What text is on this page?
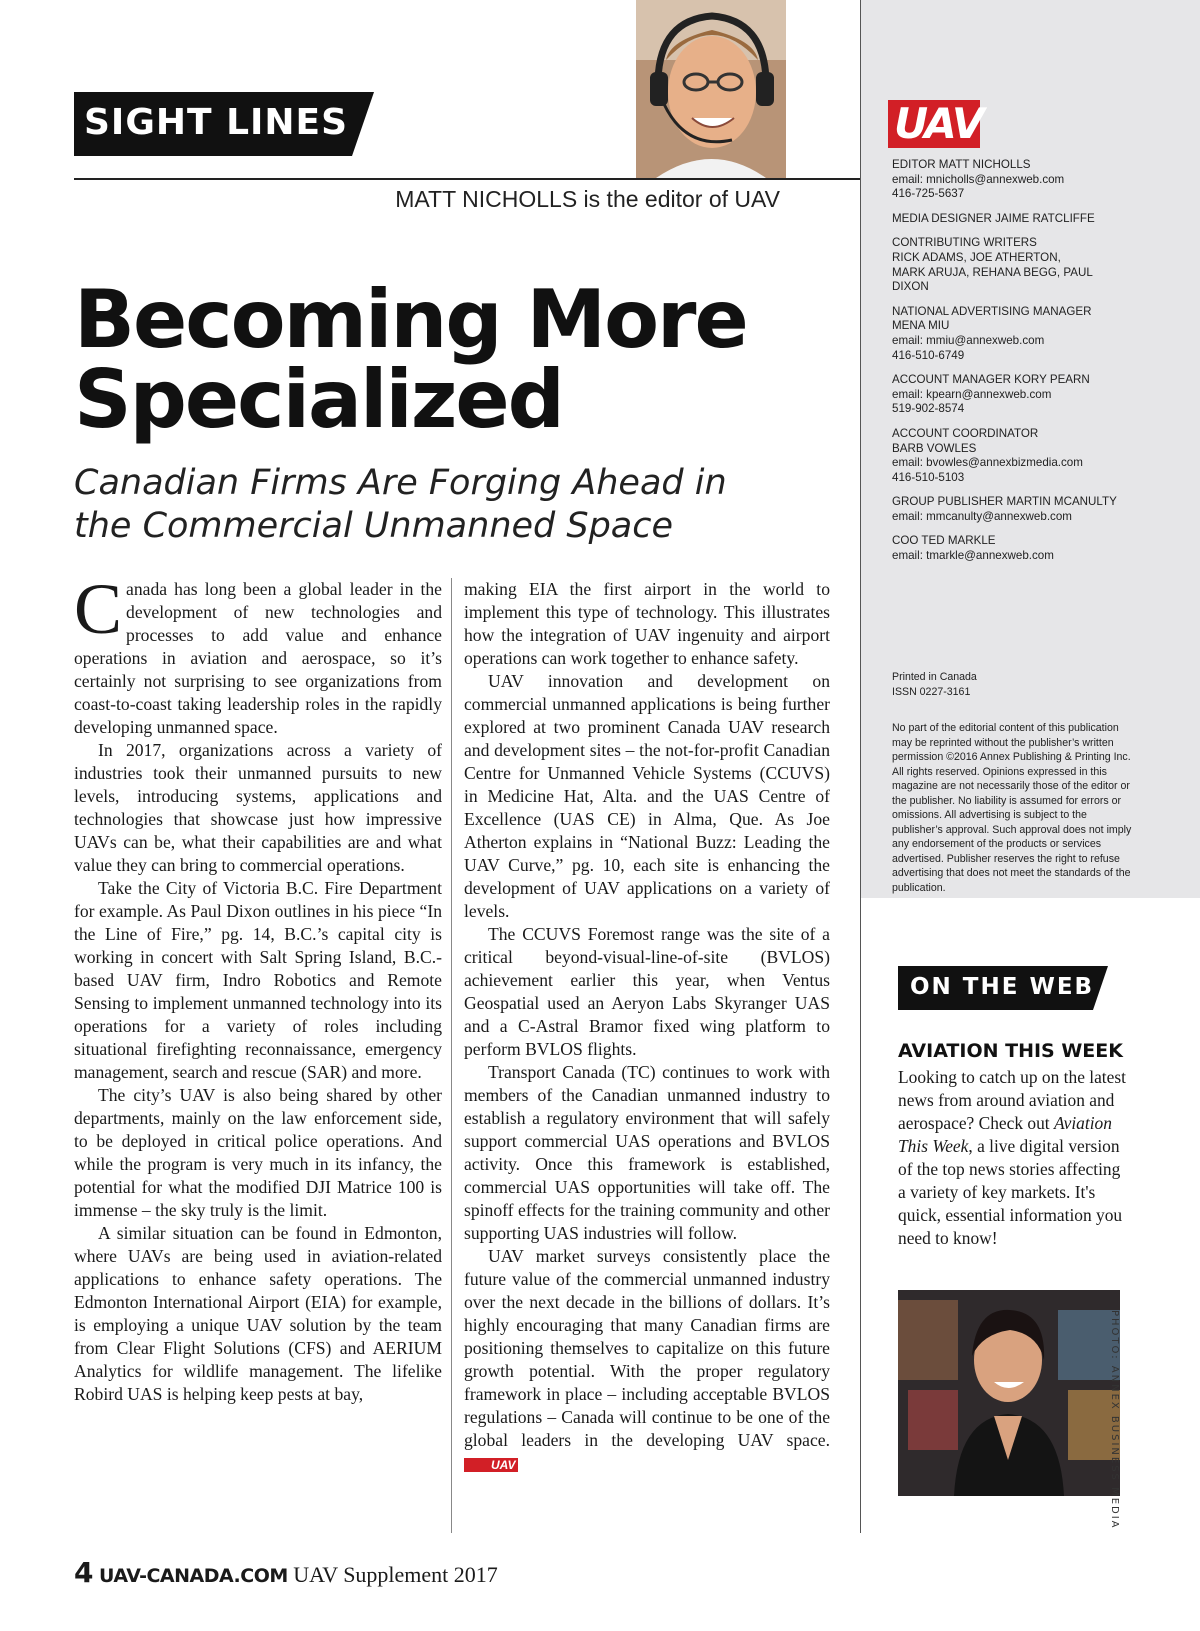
SIGHT LINES
MATT NICHOLLS is the editor of UAV
Becoming More
Specialized
Canadian Firms Are Forging Ahead in
the Commercial Unmanned Space

Canada has long been a global leader in the development of new technologies and processes to add value and enhance operations in aviation and aerospace, so it’s certainly not surprising to see organizations from coast-to-coast taking leadership roles in the rapidly developing unmanned space.

In 2017, organizations across a variety of industries took their unmanned pursuits to new levels, introducing systems, applications and technologies that showcase just how impressive UAVs can be, what their capabilities are and what value they can bring to commercial operations.

Take the City of Victoria B.C. Fire Department for example. As Paul Dixon outlines in his piece “In the Line of Fire,” pg. 14, B.C.’s capital city is working in concert with Salt Spring Island, B.C.-based UAV firm, Indro Robotics and Remote Sensing to implement unmanned technology into its operations for a variety of roles including situational firefighting reconnaissance, emergency management, search and rescue (SAR) and more.

The city’s UAV is also being shared by other departments, mainly on the law enforcement side, to be deployed in critical police operations. And while the program is very much in its infancy, the potential for what the modified DJI Matrice 100 is immense – the sky truly is the limit.

A similar situation can be found in Edmonton, where UAVs are being used in aviation-related applications to enhance safety operations. The Edmonton International Airport (EIA) for example, is employing a unique UAV solution by the team from Clear Flight Solutions (CFS) and AERIUM Analytics for wildlife management. The lifelike Robird UAS is helping keep pests at bay,

making EIA the first airport in the world to implement this type of technology. This illustrates how the integration of UAV ingenuity and airport operations can work together to enhance safety.

UAV innovation and development on commercial unmanned applications is being further explored at two prominent Canada UAV research and development sites – the not-for-profit Canadian Centre for Unmanned Vehicle Systems (CCUVS) in Medicine Hat, Alta. and the UAS Centre of Excellence (UAS CE) in Alma, Que. As Joe Atherton explains in “National Buzz: Leading the UAV Curve,” pg. 10, each site is enhancing the development of UAV applications on a variety of levels.

The CCUVS Foremost range was the site of a critical beyond-visual-line-of-site (BVLOS) achievement earlier this year, when Ventus Geospatial used an Aeryon Labs Skyranger UAS and a C-Astral Bramor fixed wing platform to perform BVLOS flights.

Transport Canada (TC) continues to work with members of the Canadian unmanned industry to establish a regulatory environment that will safely support commercial UAS operations and BVLOS activity. Once this framework is established, commercial UAS opportunities will take off. The spinoff effects for the training community and other supporting UAS industries will follow.

UAV market surveys consistently place the future value of the commercial unmanned industry over the next decade in the billions of dollars. It’s highly encouraging that many Canadian firms are positioning themselves to capitalize on this future growth potential. With the proper regulatory framework in place – including acceptable BVLOS regulations – Canada will continue to be one of the global leaders in the developing UAV space. UAV

4 UAV-CANADA.COM UAV Supplement 2017
UAV
EDITOR MATT NICHOLLS
email: mnicholls@annexweb.com
416-725-5637
MEDIA DESIGNER JAIME RATCLIFFE
CONTRIBUTING WRITERS
RICK ADAMS, JOE ATHERTON,
MARK ARUJA, REHANA BEGG, PAUL DIXON
NATIONAL ADVERTISING MANAGER
MENA MIU
email: mmiu@annexweb.com
416-510-6749
ACCOUNT MANAGER KORY PEARN
email: kpearn@annexweb.com
519-902-8574
ACCOUNT COORDINATOR
BARB VOWLES
email: bvowles@annexbizmedia.com
416-510-5103
GROUP PUBLISHER MARTIN MCANULTY
email: mmcanulty@annexweb.com
COO TED MARKLE
email: tmarkle@annexweb.com
Printed in Canada
ISSN 0227-3161
No part of the editorial content of this publication may be reprinted without the publisher’s written permission ©2016 Annex Publishing & Printing Inc. All rights reserved. Opinions expressed in this magazine are not necessarily those of the editor or the publisher. No liability is assumed for errors or omissions. All advertising is subject to the publisher’s approval. Such approval does not imply any endorsement of the products or services advertised. Publisher reserves the right to refuse advertising that does not meet the standards of the publication.
ON THE WEB
AVIATION THIS WEEK
Looking to catch up on the latest news from around aviation and aerospace? Check out Aviation This Week, a live digital version of the top news stories affecting a variety of key markets. It's quick, essential information you need to know!
PHOTO: ANNEX BUSINESS MEDIA
